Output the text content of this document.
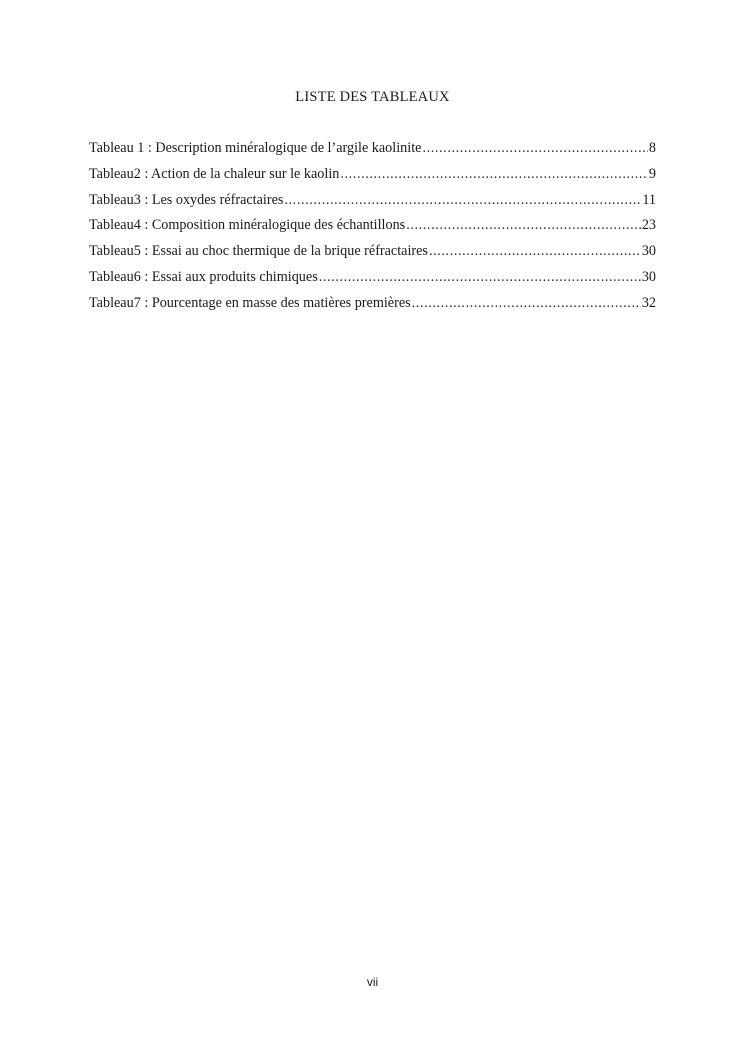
LISTE DES TABLEAUX
Tableau 1 : Description minéralogique de l’argile kaolinite .....	8
Tableau2 : Action de la chaleur sur le kaolin .....	9
Tableau3 : Les oxydes réfractaires .....	11
Tableau4 : Composition minéralogique des échantillons .....	23
Tableau5 : Essai au choc thermique de la brique réfractaires .....	30
Tableau6 : Essai aux produits chimiques .....	30
Tableau7 : Pourcentage en masse des matières premières .....	32
vii
